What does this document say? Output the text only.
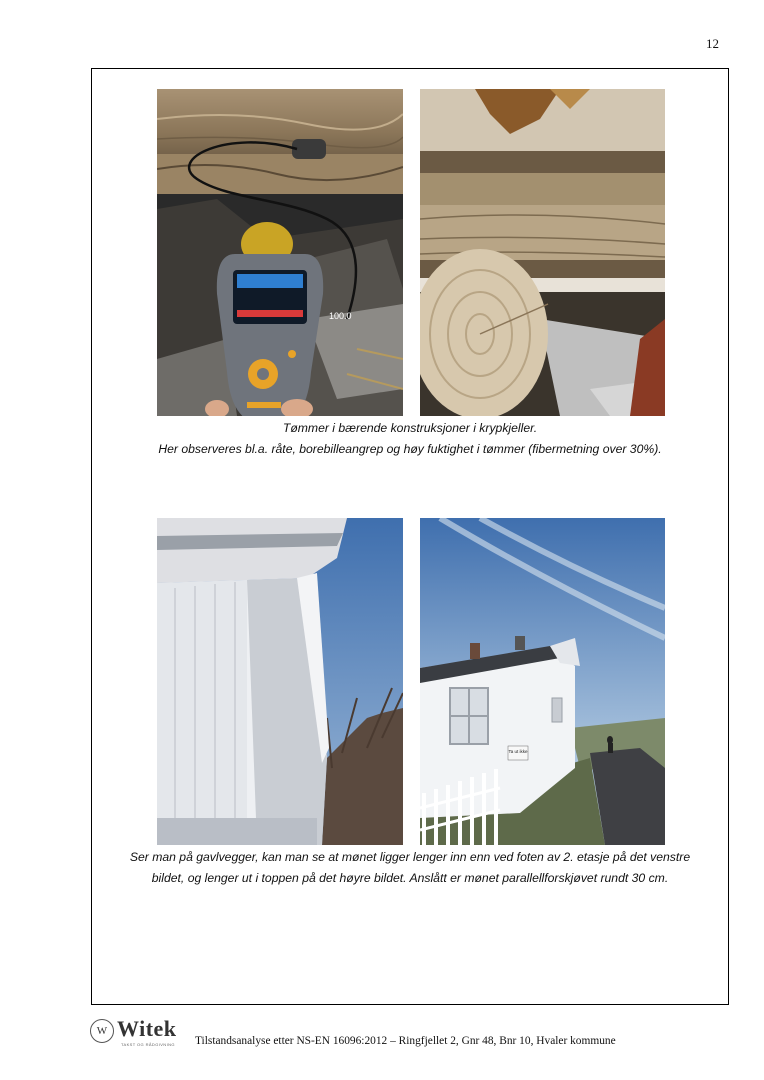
12
100.0
Tømmer i bærende konstruksjoner i krypkjeller.
Her observeres bl.a. råte, borebilleangrep og høy fuktighet i tømmer (fibermetning over 30%).
Ta ut ikke
Ser man på gavlvegger, kan man se at mønet ligger lenger inn enn ved foten av 2. etasje på det venstre
bildet, og lenger ut i toppen på det høyre bildet. Anslått er mønet parallellforskjøvet rundt 30 cm.
W Witek
TAKST OG RÅDGIVNING Tilstandsanalyse etter NS-EN 16096:2012 – Ringfjellet 2, Gnr 48, Bnr 10, Hvaler kommune
